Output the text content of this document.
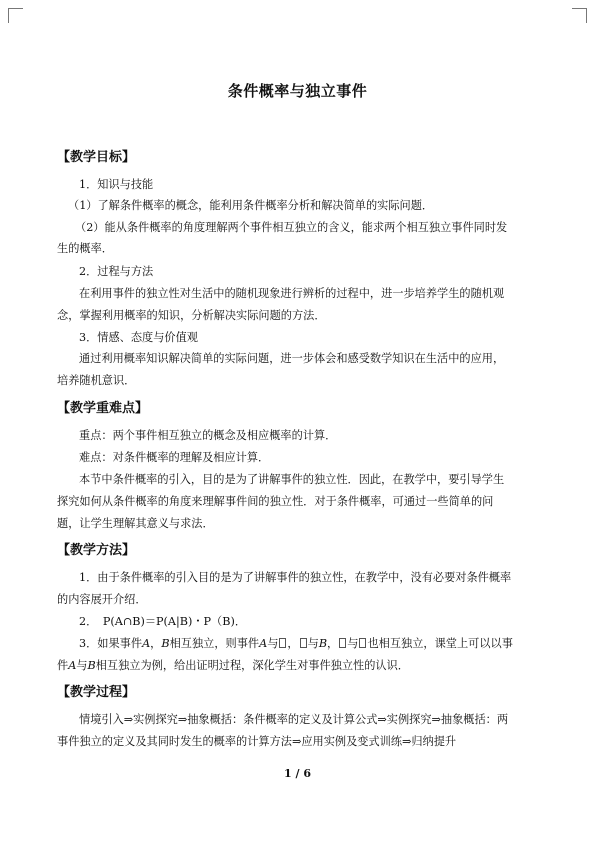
条件概率与独立事件
【教学目标】
1．知识与技能
（1）了解条件概率的概念，能利用条件概率分析和解决简单的实际问题．
（2）能从条件概率的角度理解两个事件相互独立的含义，能求两个相互独立事件同时发
生的概率．
2．过程与方法
在利用事件的独立性对生活中的随机现象进行辨析的过程中，进一步培养学生的随机观
念，掌握利用概率的知识，分析解决实际问题的方法．
3．情感、态度与价值观
通过利用概率知识解决简单的实际问题，进一步体会和感受数学知识在生活中的应用，
培养随机意识．
【教学重难点】
重点：两个事件相互独立的概念及相应概率的计算．
难点：对条件概率的理解及相应计算．
本节中条件概率的引入，目的是为了讲解事件的独立性．因此，在教学中，要引导学生
探究如何从条件概率的角度来理解事件间的独立性．对于条件概率，可通过一些简单的问
题，让学生理解其意义与求法．
【教学方法】
1．由于条件概率的引入目的是为了讲解事件的独立性，在教学中，没有必要对条件概率
的内容展开介绍．
2．　P(A∩B)＝P(A|B)・P（B)．
3．如果事件A，B相互独立，则事件A与 ， 与B， 与 也相互独立，课堂上可以以事
件A与B相互独立为例，给出证明过程，深化学生对事件独立性的认识．
【教学过程】
情境引入⇒实例探究⇒抽象概括：条件概率的定义及计算公式⇒实例探究⇒抽象概括：两
事件独立的定义及其同时发生的概率的计算方法⇒应用实例及变式训练⇒归纳提升
1 / 6
